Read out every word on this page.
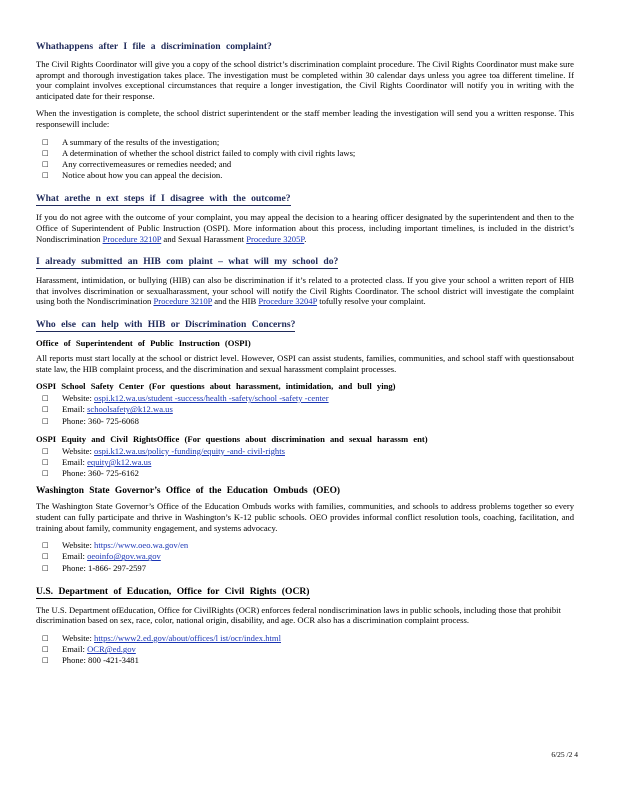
Whathappens after I file a discrimination complaint?

The Civil Rights Coordinator will give you a copy of the school district’s discrimination complaint procedure. The Civil Rights Coordinator must make sure aprompt and thorough investigation takes place. The investigation must be completed within 30 calendar days unless you agree toa different timeline. If your complaint involves exceptional circumstances that require a longer investigation, the Civil Rights Coordinator will notify you in writing with the anticipated date for their response.

When the investigation is complete, the school district superintendent or the staff member leading the investigation will send you a written response. This responsewill include:

□ A summary of the results of the investigation;
□ A determination of whether the school district failed to comply with civil rights laws;
□ Any correctivemeasures or remedies needed; and
□ Notice about how you can appeal the decision.
What arethe n ext steps if I disagree with the outcome?

If you do not agree with the outcome of your complaint, you may appeal the decision to a hearing officer designated by the superintendent and then to the Office of Superintendent of Public Instruction (OSPI). More information about this process, including important timelines, is included in the district’s Nondiscrimination Procedure 3210P and Sexual Harassment Procedure 3205P.

I already submitted an HIB com plaint – what will my school do?

Harassment, intimidation, or bullying (HIB) can also be discrimination if it’s related to a protected class. If you give your school a written report of HIB that involves discrimination or sexualharassment, your school will notify the Civil Rights Coordinator. The school district will investigate the complaint using both the Nondiscrimination Procedure 3210P and the HIB Procedure 3204P tofully resolve your complaint.

Who else can help with HIB or Discrimination Concerns?
Office of Superintendent of Public Instruction (OSPI)

All reports must start locally at the school or district level. However, OSPI can assist students, families, communities, and school staff with questionsabout state law, the HIB complaint process, and the discrimination and sexual harassment complaint processes.

OSPI School Safety Center (For questions about harassment, intimidation, and bull ying)
□ Website: ospi.k12.wa.us/student -success/health -safety/school -safety -center
□ Email: schoolsafety@k12.wa.us
□ Phone: 360- 725-6068
OSPI Equity and Civil RightsOffice (For questions about discrimination and sexual harassm ent)
□ Website: ospi.k12.wa.us/policy -funding/equity -and- civil-rights
□ Email: equity@k12.wa.us
□ Phone: 360- 725-6162
Washington State Governor’s Office of the Education Ombuds (OEO)

The Washington State Governor’s Office of the Education Ombuds works with families, communities, and schools to address problems together so every student can fully participate and thrive in Washington’s K-12 public schools. OEO provides informal conflict resolution tools, coaching, facilitation, and training about family, community engagement, and systems advocacy.

□ Website: https://www.oeo.wa.gov/en
□ Email: oeoinfo@gov.wa.gov
□ Phone: 1-866- 297-2597
U.S. Department of Education, Office for Civil Rights (OCR)

The U.S. Department ofEducation, Office for CivilRights (OCR) enforces federal nondiscrimination laws in public schools, including those that prohibit discrimination based on sex, race, color, national origin, disability, and age. OCR also has a discrimination complaint process.

□ Website: https://www2.ed.gov/about/offices/l ist/ocr/index.html
□ Email: OCR@ed.gov
□ Phone: 800 -421-3481
6/25 /2 4
